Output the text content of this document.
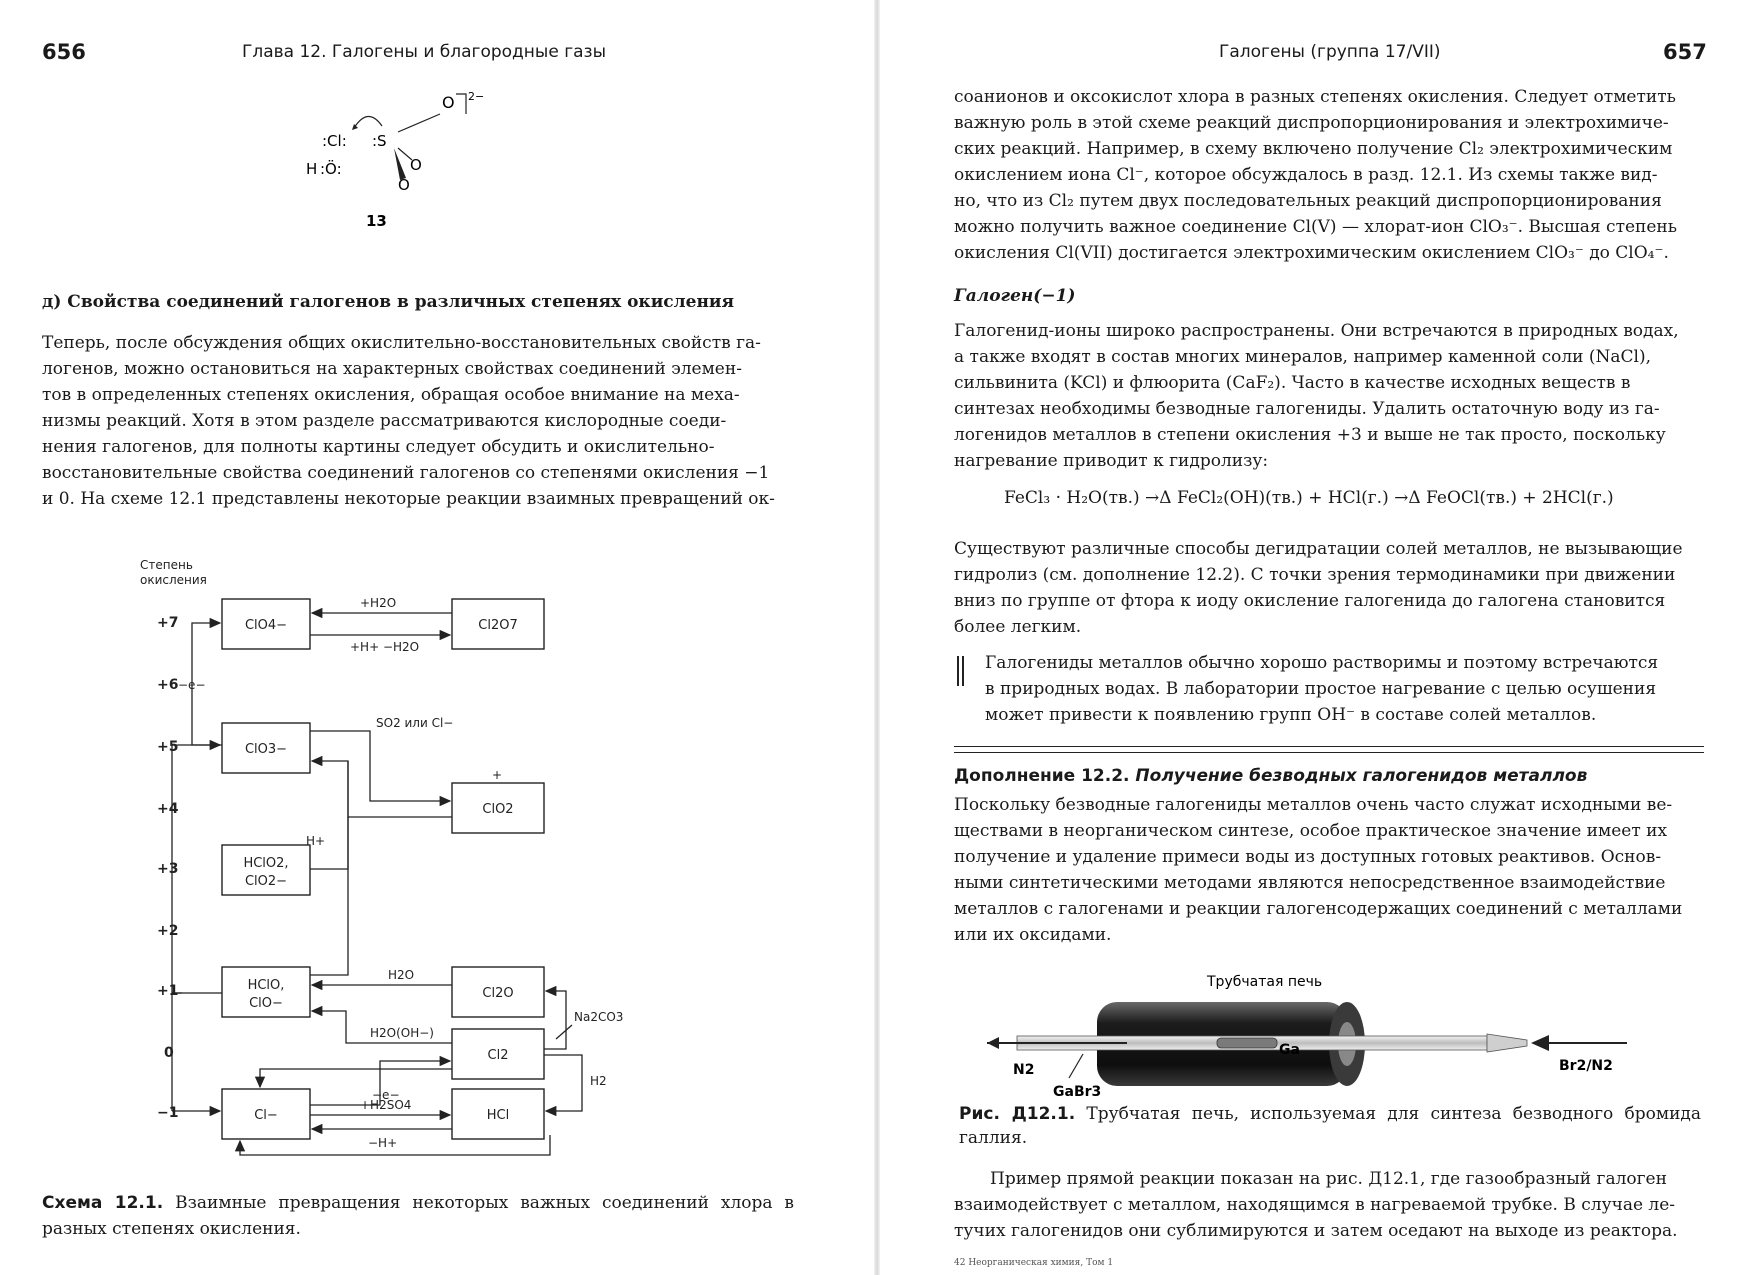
656	Глава 12. Галогены и благородные газы
O 2−
:Cl: :S
H :Ö:	O
O
13
д) Свойства соединений галогенов в различных степенях окисления
Теперь, после обсуждения общих окислительно-восстановительных свойств га-
логенов, можно остановиться на характерных свойствах соединений элемен-
тов в определенных степенях окисления, обращая особое внимание на меха-
низмы реакций. Хотя в этом разделе рассматриваются кислородные соеди-
нения галогенов, для полноты картины следует обсудить и окислительно-
восстановительные свойства соединений галогенов со степенями окисления −1
и 0. На схеме 12.1 представлены некоторые реакции взаимных превращений ок-
Степень
окисления
+7
+6
+5
+4
+3
+2
+1
0
−1
ClO4−	Cl2O7
ClO3−
ClO2
HClO2,
ClO2−
HClO,
ClO−
Cl2O
Cl2
Cl−	HCl
+H2O
+H+ −H2O
−e−
SO2 или Cl−
+
H+
H2O
H2O(OH−)
Na2CO3
−e−
H2
+H2SO4
−H+
Схема 12.1. Взаимные превращения некоторых важных соединений хлора в разных степенях окисления.
Галогены (группа 17/VII)	657
соанионов и оксокислот хлора в разных степенях окисления. Следует отметить
важную роль в этой схеме реакций диспропорционирования и электрохимиче-
ских реакций. Например, в схему включено получение Cl₂ электрохимическим
окислением иона Cl⁻, которое обсуждалось в разд. 12.1. Из схемы также вид-
но, что из Cl₂ путем двух последовательных реакций диспропорционирования
можно получить важное соединение Cl(V) — хлорат-ион ClO₃⁻. Высшая степень
окисления Cl(VII) достигается электрохимическим окислением ClO₃⁻ до ClO₄⁻.
Галоген(−1)
Галогенид-ионы широко распространены. Они встречаются в природных водах,
а также входят в состав многих минералов, например каменной соли (NaCl),
сильвинита (KCl) и флюорита (CaF₂). Часто в качестве исходных веществ в
синтезах необходимы безводные галогениды. Удалить остаточную воду из га-
логенидов металлов в степени окисления +3 и выше не так просто, поскольку
нагревание приводит к гидролизу:
FeCl₃ · H₂O(тв.) →Δ FeCl₂(OH)(тв.) + HCl(г.) →Δ FeOCl(тв.) + 2HCl(г.)
Существуют различные способы дегидратации солей металлов, не вызывающие
гидролиз (см. дополнение 12.2). С точки зрения термодинамики при движении
вниз по группе от фтора к иоду окисление галогенида до галогена становится
более легким.
Галогениды металлов обычно хорошо растворимы и поэтому встречаются
в природных водах. В лаборатории простое нагревание с целью осушения
может привести к появлению групп OH⁻ в составе солей металлов.
Дополнение 12.2. Получение безводных галогенидов металлов
Поскольку безводные галогениды металлов очень часто служат исходными ве-
ществами в неорганическом синтезе, особое практическое значение имеет их
получение и удаление примеси воды из доступных готовых реактивов. Основ-
ными синтетическими методами являются непосредственное взаимодействие
металлов с галогенами и реакции галогенсодержащих соединений с металлами
или их оксидами.
Трубчатая печь
Ga
N2
GaBr3
Br2/N2
Рис. Д12.1. Трубчатая печь, используемая для синтеза безводного бромида галлия.
Пример прямой реакции показан на рис. Д12.1, где газообразный галоген
взаимодействует с металлом, находящимся в нагреваемой трубке. В случае ле-
тучих галогенидов они сублимируются и затем оседают на выходе из реактора.
42 Неорганическая химия, Том 1
